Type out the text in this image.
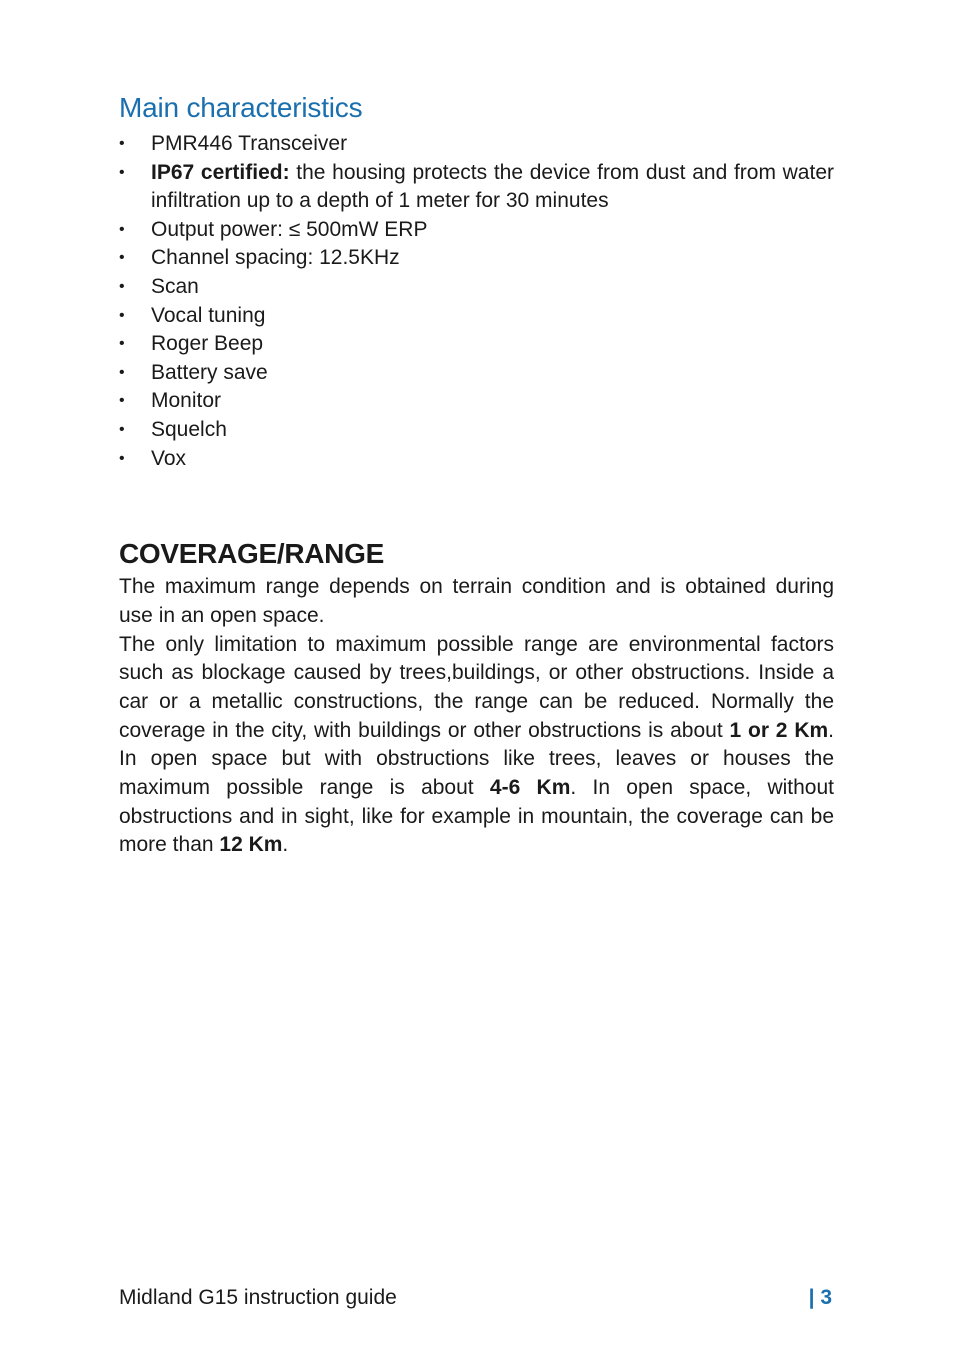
Main characteristics
• PMR446 Transceiver
• IP67 certified: the housing protects the device from dust and from water infiltration up to a depth of 1 meter for 30 minutes
• Output power: ≤ 500mW ERP
• Channel spacing: 12.5KHz
• Scan
• Vocal tuning
• Roger Beep
• Battery save
• Monitor
• Squelch
• Vox
COVERAGE/RANGE

The maximum range depends on terrain condition and is obtained during use in an open space.

The only limitation to maximum possible range are environmental factors such as blockage caused by trees,buildings, or other obstructions. Inside a car or a metallic constructions, the range can be reduced. Normally the coverage in the city, with buildings or other obstructions is about 1 or 2 Km. In open space but with obstructions like trees, leaves or houses the maximum possible range is about 4-6 Km. In open space, without obstructions and in sight, like for example in mountain, the coverage can be more than 12 Km.

Midland G15 instruction guide	| 3
